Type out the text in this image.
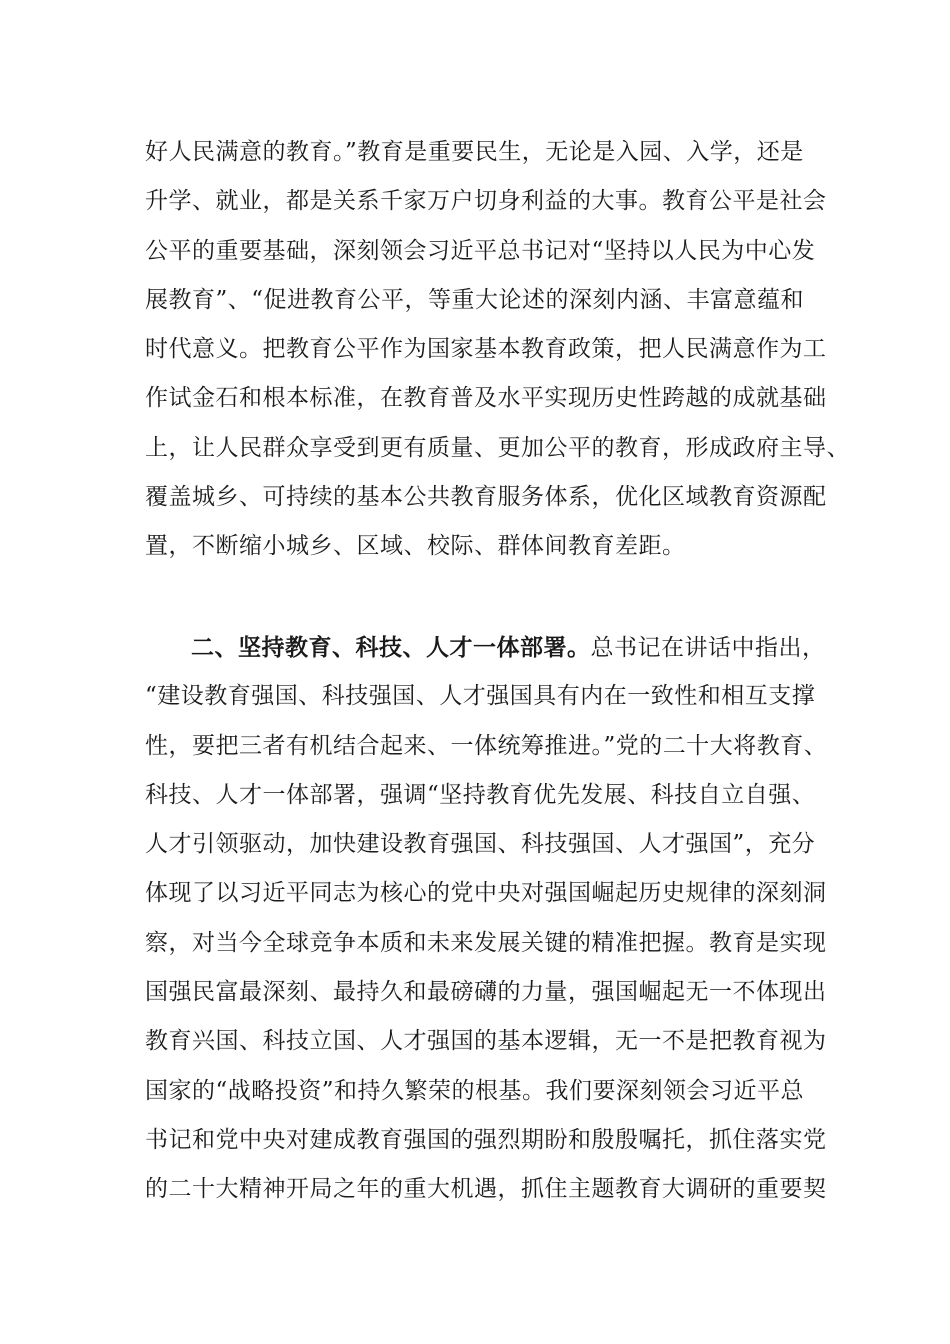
好人民满意的教育。”教育是重要民生，无论是入园、入学，还是
升学、就业，都是关系千家万户切身利益的大事。教育公平是社会
公平的重要基础，深刻领会习近平总书记对“坚持以人民为中心发
展教育”、“促进教育公平，等重大论述的深刻内涵、丰富意蕴和
时代意义。把教育公平作为国家基本教育政策，把人民满意作为工
作试金石和根本标准，在教育普及水平实现历史性跨越的成就基础
上，让人民群众享受到更有质量、更加公平的教育，形成政府主导、
覆盖城乡、可持续的基本公共教育服务体系，优化区域教育资源配
置，不断缩小城乡、区域、校际、群体间教育差距。
二、坚持教育、科技、人才一体部署。总书记在讲话中指出，
“建设教育强国、科技强国、人才强国具有内在一致性和相互支撑
性，要把三者有机结合起来、一体统筹推进。”党的二十大将教育、
科技、人才一体部署，强调“坚持教育优先发展、科技自立自强、
人才引领驱动，加快建设教育强国、科技强国、人才强国”，充分
体现了以习近平同志为核心的党中央对强国崛起历史规律的深刻洞
察，对当今全球竞争本质和未来发展关键的精准把握。教育是实现
国强民富最深刻、最持久和最磅礴的力量，强国崛起无一不体现出
教育兴国、科技立国、人才强国的基本逻辑，无一不是把教育视为
国家的“战略投资”和持久繁荣的根基。我们要深刻领会习近平总
书记和党中央对建成教育强国的强烈期盼和殷殷嘱托，抓住落实党
的二十大精神开局之年的重大机遇，抓住主题教育大调研的重要契
